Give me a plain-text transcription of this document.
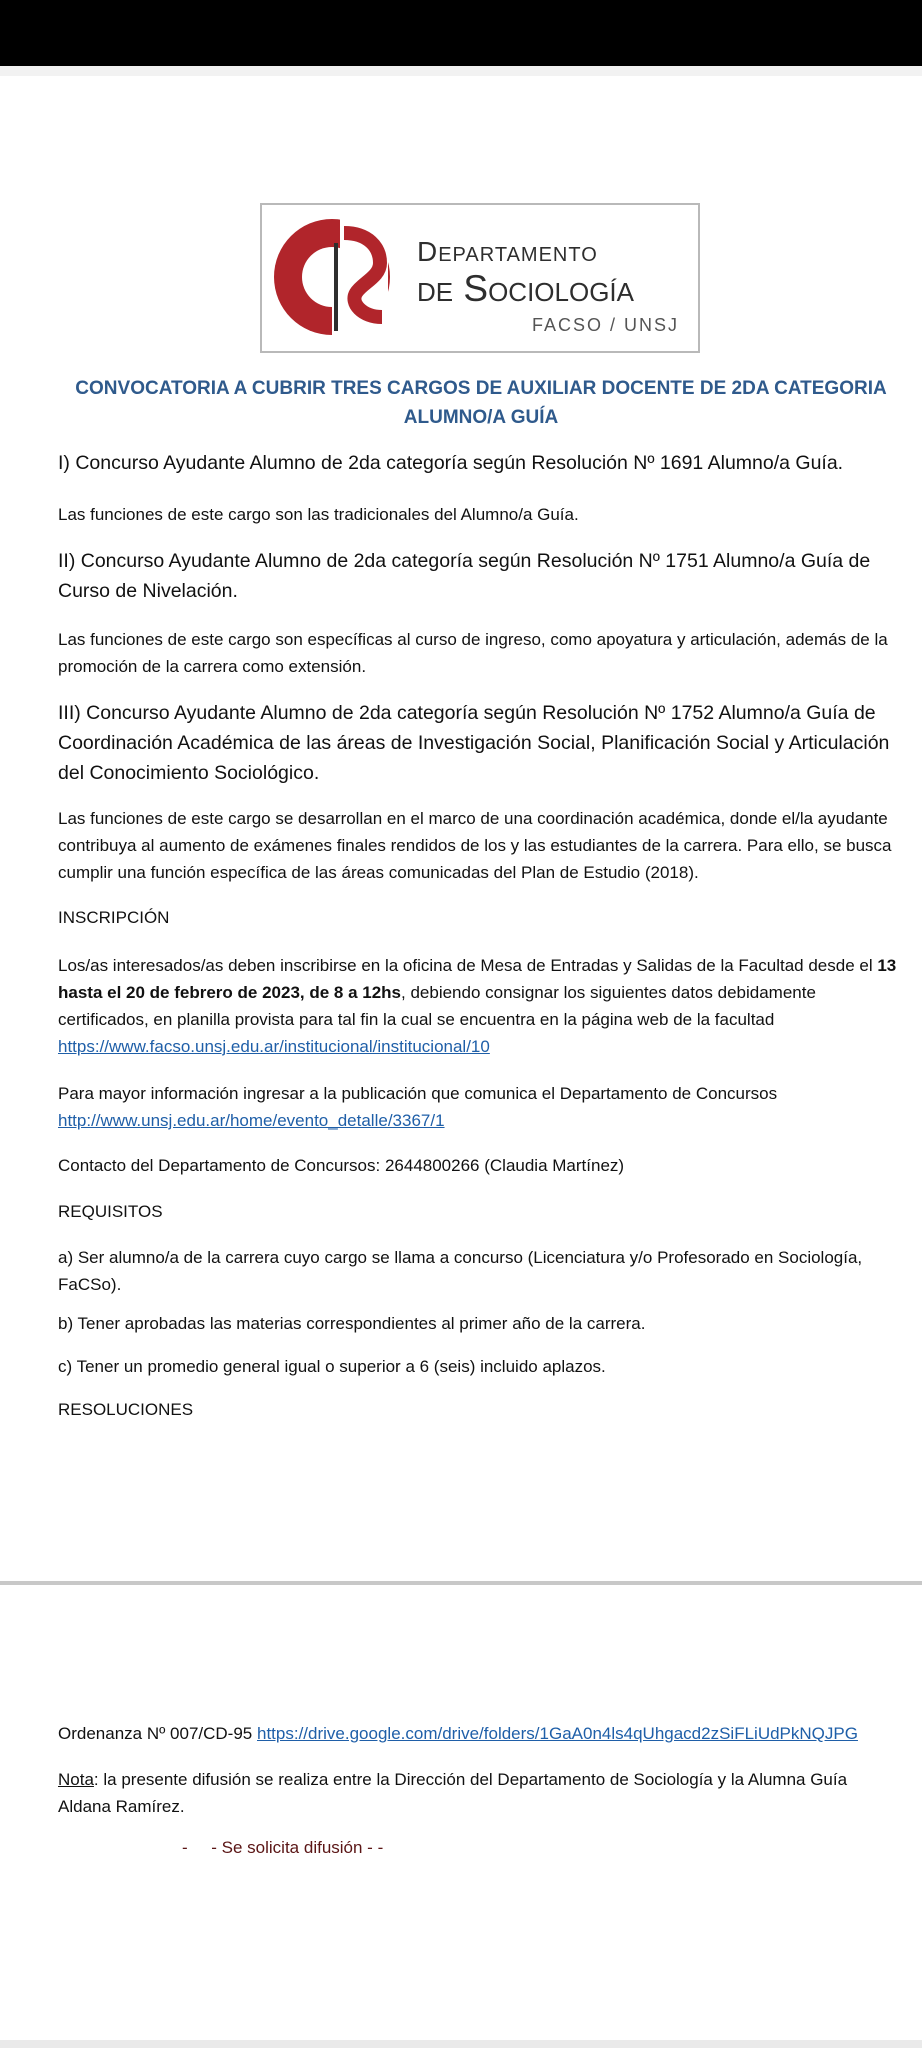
Departamento
de Sociología
FACSO / UNSJ
CONVOCATORIA A CUBRIR TRES CARGOS DE AUXILIAR DOCENTE DE 2DA CATEGORIA
ALUMNO/A GUÍA
I) Concurso Ayudante Alumno de 2da categoría según Resolución Nº 1691 Alumno/a Guía.
Las funciones de este cargo son las tradicionales del Alumno/a Guía.
II) Concurso Ayudante Alumno de 2da categoría según Resolución Nº 1751 Alumno/a Guía de Curso de Nivelación.
Las funciones de este cargo son específicas al curso de ingreso, como apoyatura y articulación, además de la promoción de la carrera como extensión.
III) Concurso Ayudante Alumno de 2da categoría según Resolución Nº 1752 Alumno/a Guía de Coordinación Académica de las áreas de Investigación Social, Planificación Social y Articulación del Conocimiento Sociológico.
Las funciones de este cargo se desarrollan en el marco de una coordinación académica, donde el/la ayudante contribuya al aumento de exámenes finales rendidos de los y las estudiantes de la carrera. Para ello, se busca cumplir una función específica de las áreas comunicadas del Plan de Estudio (2018).
INSCRIPCIÓN
Los/as interesados/as deben inscribirse en la oficina de Mesa de Entradas y Salidas de la Facultad desde el 13 hasta el 20 de febrero de 2023, de 8 a 12hs, debiendo consignar los siguientes datos debidamente certificados, en planilla provista para tal fin la cual se encuentra en la página web de la facultad
https://www.facso.unsj.edu.ar/institucional/institucional/10
Para mayor información ingresar a la publicación que comunica el Departamento de Concursos
http://www.unsj.edu.ar/home/evento_detalle/3367/1
Contacto del Departamento de Concursos: 2644800266 (Claudia Martínez)
REQUISITOS
a) Ser alumno/a de la carrera cuyo cargo se llama a concurso (Licenciatura y/o Profesorado en Sociología, FaCSo).
b) Tener aprobadas las materias correspondientes al primer año de la carrera.
c) Tener un promedio general igual o superior a 6 (seis) incluido aplazos.
RESOLUCIONES
Ordenanza Nº 007/CD-95 https://drive.google.com/drive/folders/1GaA0n4ls4qUhgacd2zSiFLiUdPkNQJPG
Nota: la presente difusión se realiza entre la Dirección del Departamento de Sociología y la Alumna Guía Aldana Ramírez.
-     - Se solicita difusión - -
